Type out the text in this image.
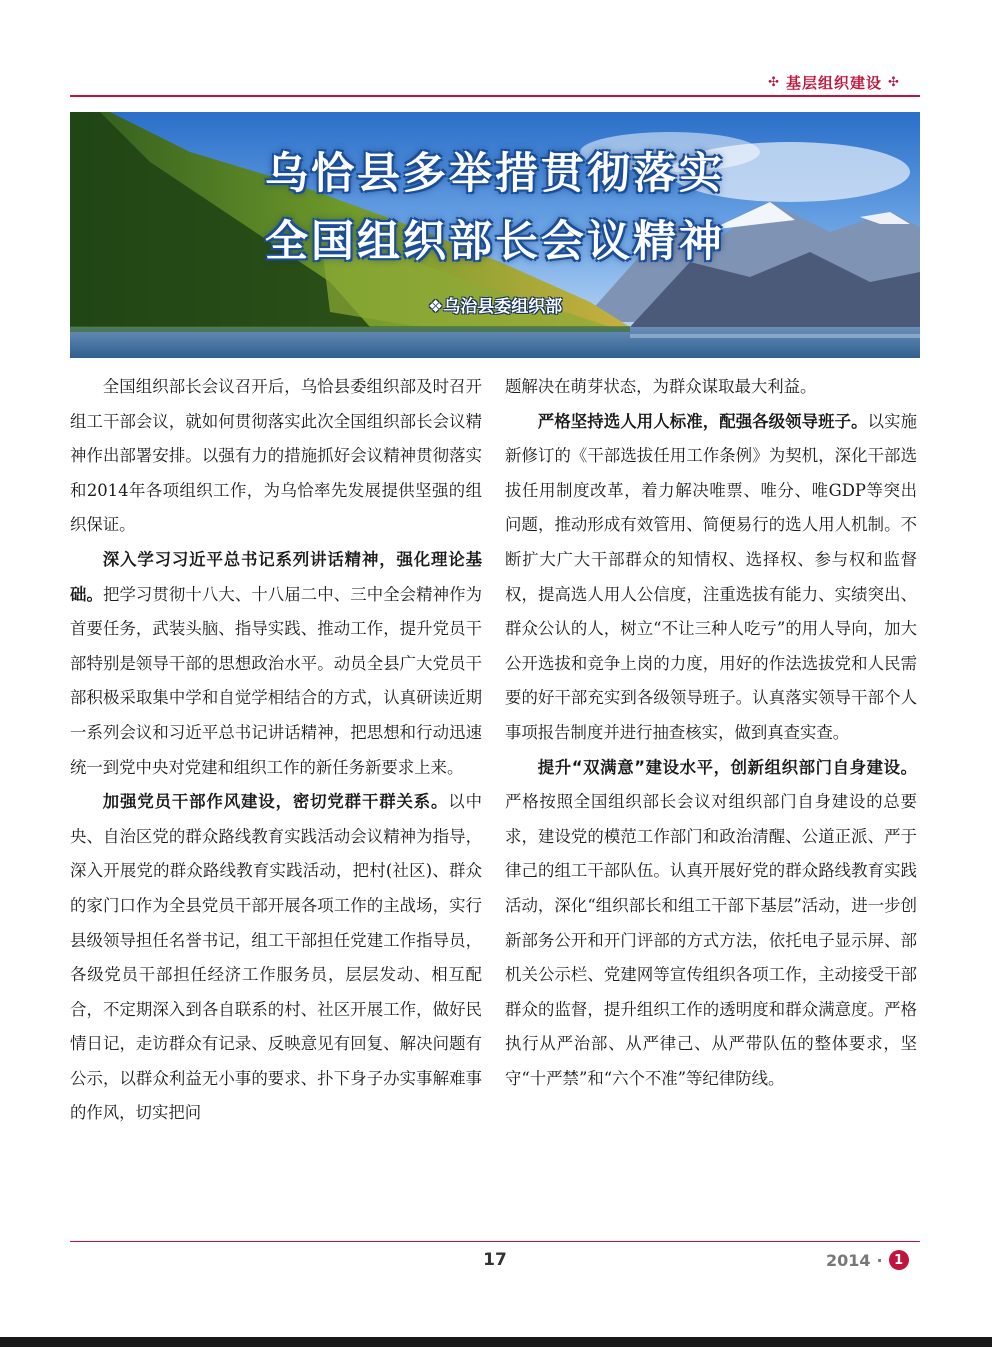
✣ 基层组织建设 ✣
乌恰县多举措贯彻落实
全国组织部长会议精神
❖乌治县委组织部

全国组织部长会议召开后，乌恰县委组织部及时召开组工干部会议，就如何贯彻落实此次全国组织部长会议精神作出部署安排。以强有力的措施抓好会议精神贯彻落实和2014年各项组织工作，为乌恰率先发展提供坚强的组织保证。

深入学习习近平总书记系列讲话精神，强化理论基础。把学习贯彻十八大、十八届二中、三中全会精神作为首要任务，武装头脑、指导实践、推动工作，提升党员干部特别是领导干部的思想政治水平。动员全县广大党员干部积极采取集中学和自觉学相结合的方式，认真研读近期一系列会议和习近平总书记讲话精神，把思想和行动迅速统一到党中央对党建和组织工作的新任务新要求上来。

加强党员干部作风建设，密切党群干群关系。以中央、自治区党的群众路线教育实践活动会议精神为指导，深入开展党的群众路线教育实践活动，把村(社区)、群众的家门口作为全县党员干部开展各项工作的主战场，实行县级领导担任名誉书记，组工干部担任党建工作指导员，各级党员干部担任经济工作服务员，层层发动、相互配合，不定期深入到各自联系的村、社区开展工作，做好民情日记，走访群众有记录、反映意见有回复、解决问题有公示，以群众利益无小事的要求、扑下身子办实事解难事的作风，切实把问

题解决在萌芽状态，为群众谋取最大利益。

严格坚持选人用人标准，配强各级领导班子。以实施新修订的《干部选拔任用工作条例》为契机，深化干部选拔任用制度改革，着力解决唯票、唯分、唯GDP等突出问题，推动形成有效管用、简便易行的选人用人机制。不断扩大广大干部群众的知情权、选择权、参与权和监督权，提高选人用人公信度，注重选拔有能力、实绩突出、群众公认的人，树立“不让三种人吃亏”的用人导向，加大公开选拔和竞争上岗的力度，用好的作法选拔党和人民需要的好干部充实到各级领导班子。认真落实领导干部个人事项报告制度并进行抽查核实，做到真查实查。

提升“双满意”建设水平，创新组织部门自身建设。严格按照全国组织部长会议对组织部门自身建设的总要求，建设党的模范工作部门和政治清醒、公道正派、严于律己的组工干部队伍。认真开展好党的群众路线教育实践活动，深化“组织部长和组工干部下基层”活动，进一步创新部务公开和开门评部的方式方法，依托电子显示屏、部机关公示栏、党建网等宣传组织各项工作，主动接受干部群众的监督，提升组织工作的透明度和群众满意度。严格执行从严治部、从严律己、从严带队伍的整体要求，坚守“十严禁”和“六个不准”等纪律防线。

17	2014 · 1
